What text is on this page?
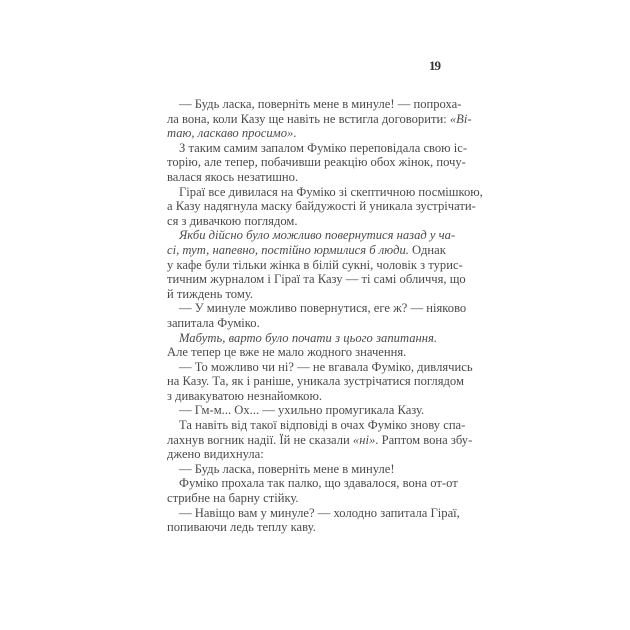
19
— Будь ласка, поверніть мене в минуле! — попроха-
ла вона, коли Казу ще навіть не встигла договорити: «Ві-
таю, ласкаво просимо».
З таким самим запалом Фуміко переповідала свою іс-
торію, але тепер, побачивши реакцію обох жінок, почу-
валася якось незатишно.
Гіраї все дивилася на Фуміко зі скептичною посмішкою,
а Казу надягнула маску байдужості й уникала зустрічати-
ся з дивачкою поглядом.
Якби дійсно було можливо повернутися назад у ча-
сі, тут, напевно, постійно юрмилися б люди. Однак
у кафе були тільки жінка в білій сукні, чоловік з турис-
тичним журналом і Гіраї та Казу — ті самі обличчя, що
й тиждень тому.
— У минуле можливо повернутися, еге ж? — ніяково
запитала Фуміко.
Мабуть, варто було почати з цього запитання.
Але тепер це вже не мало жодного значення.
— То можливо чи ні? — не вгавала Фуміко, дивлячись
на Казу. Та, як і раніше, уникала зустрічатися поглядом
з дивакуватою незнайомкою.
— Гм-м... Ох... — ухильно промугикала Казу.
Та навіть від такої відповіді в очах Фуміко знову спа-
лахнув вогник надії. Їй не сказали «ні». Раптом вона збу-
джено видихнула:
— Будь ласка, поверніть мене в минуле!
Фуміко прохала так палко, що здавалося, вона от-от
стрибне на барну стійку.
— Навіщо вам у минуле? — холодно запитала Гіраї,
попиваючи ледь теплу каву.
